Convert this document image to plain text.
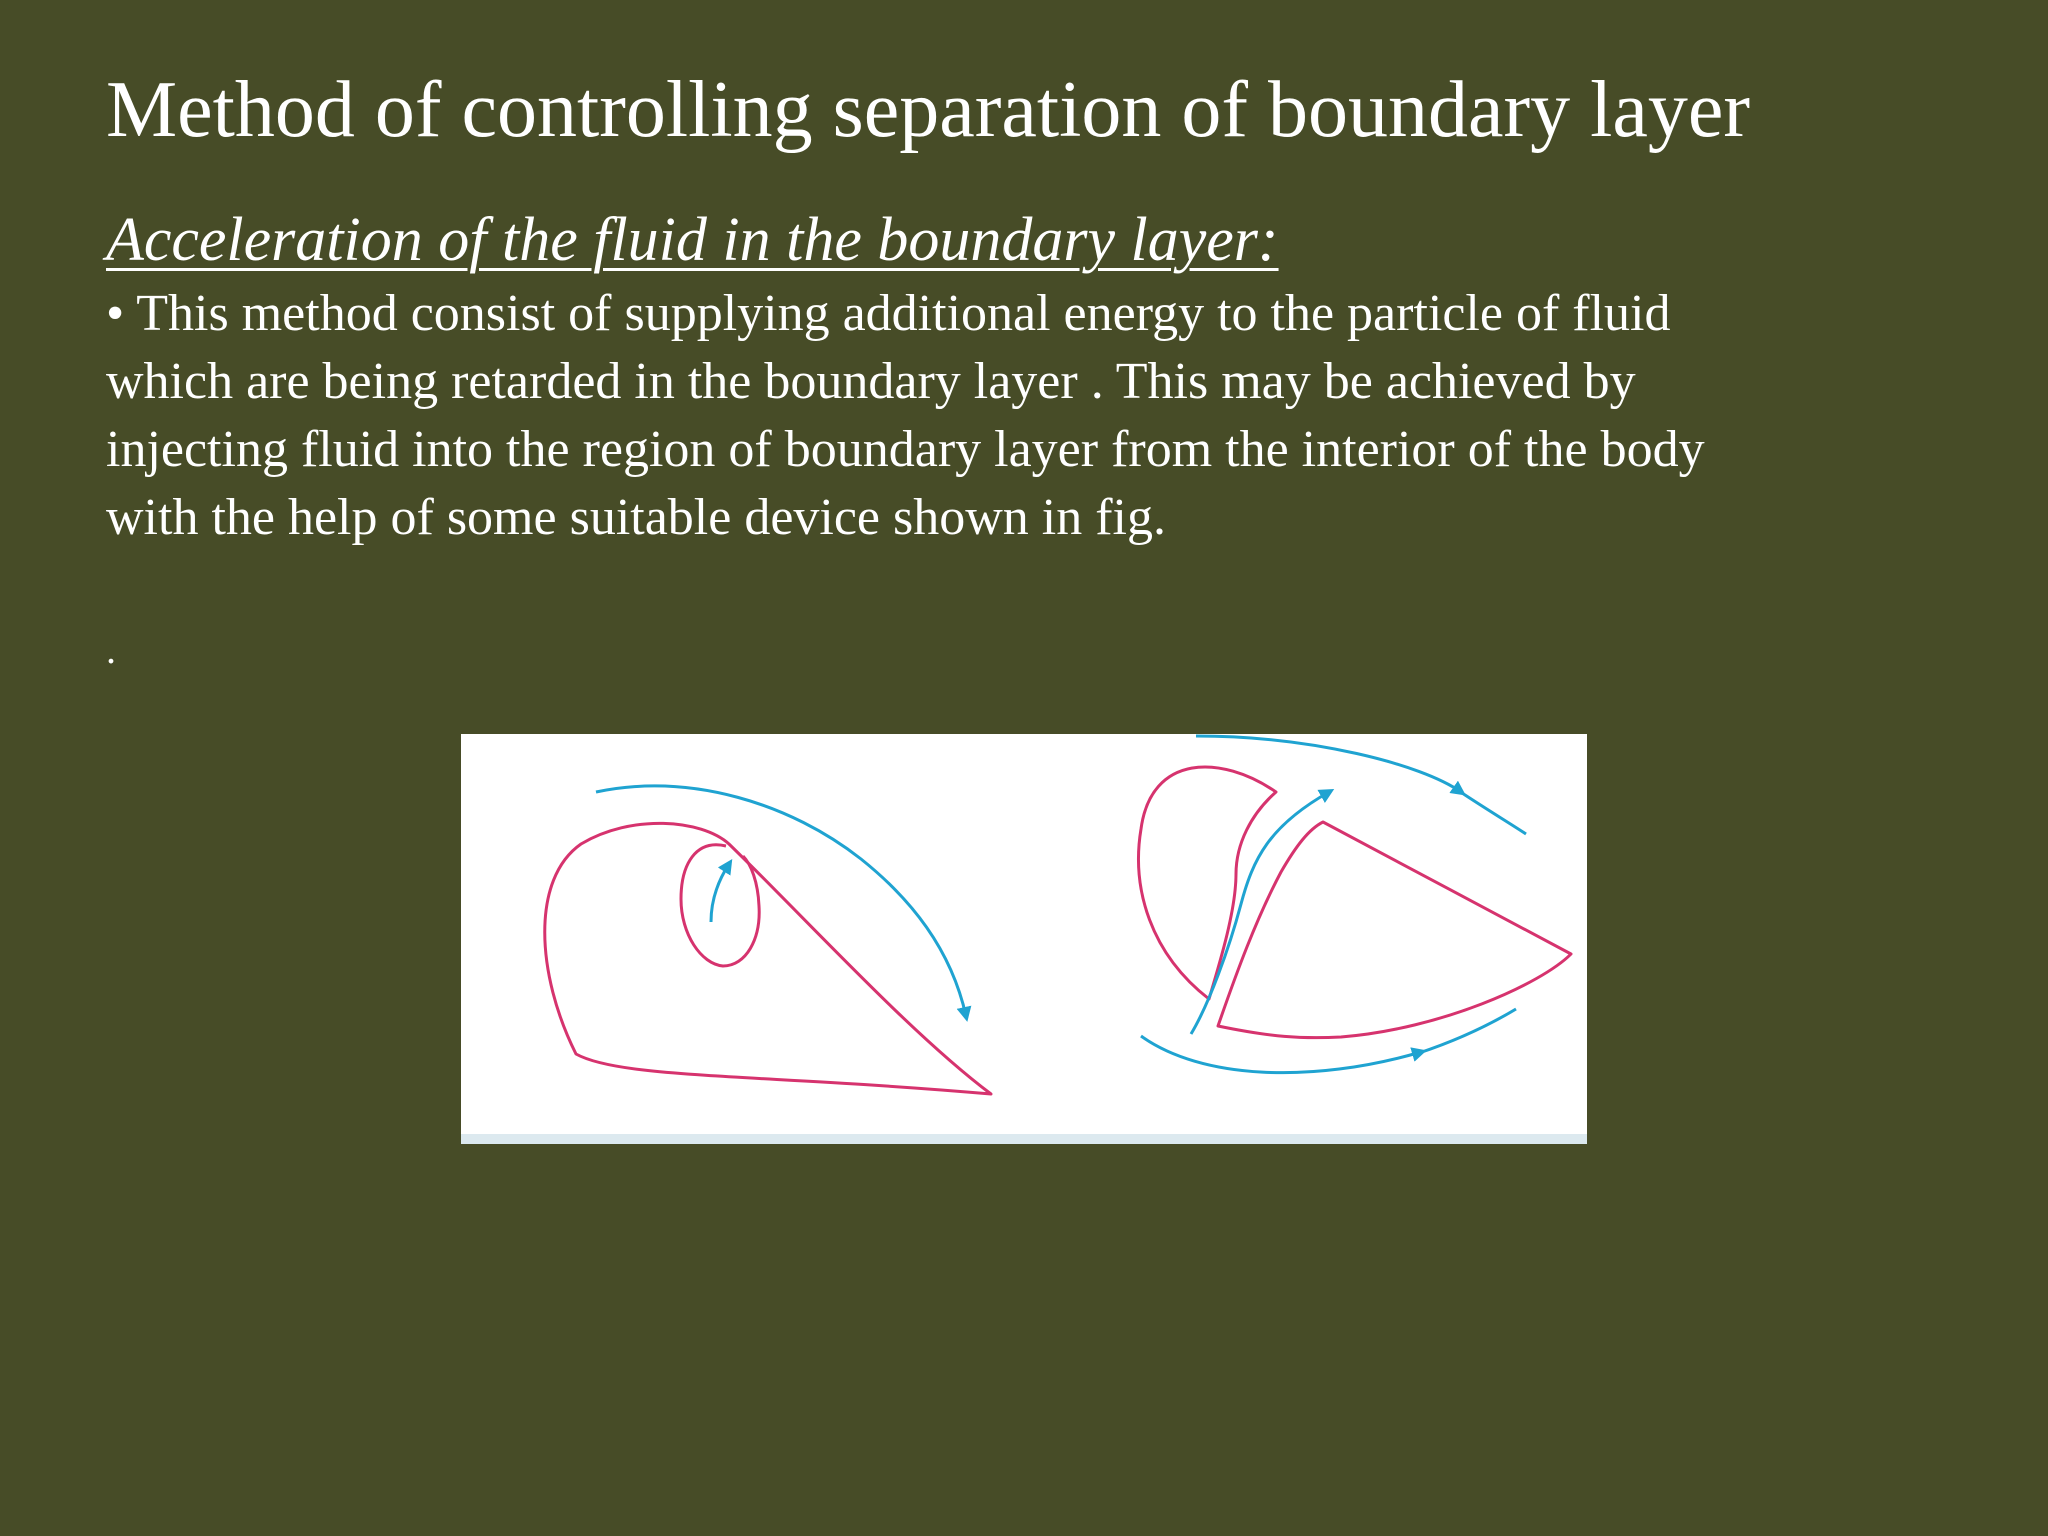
Method of controlling separation of boundary layer
Acceleration of the fluid in the boundary layer:

• This method consist of supplying additional energy to the particle of fluid
which are being retarded in the boundary layer . This may be achieved by
injecting fluid into the region of boundary layer from the interior of the body
with the help of some suitable device shown in fig.

.
